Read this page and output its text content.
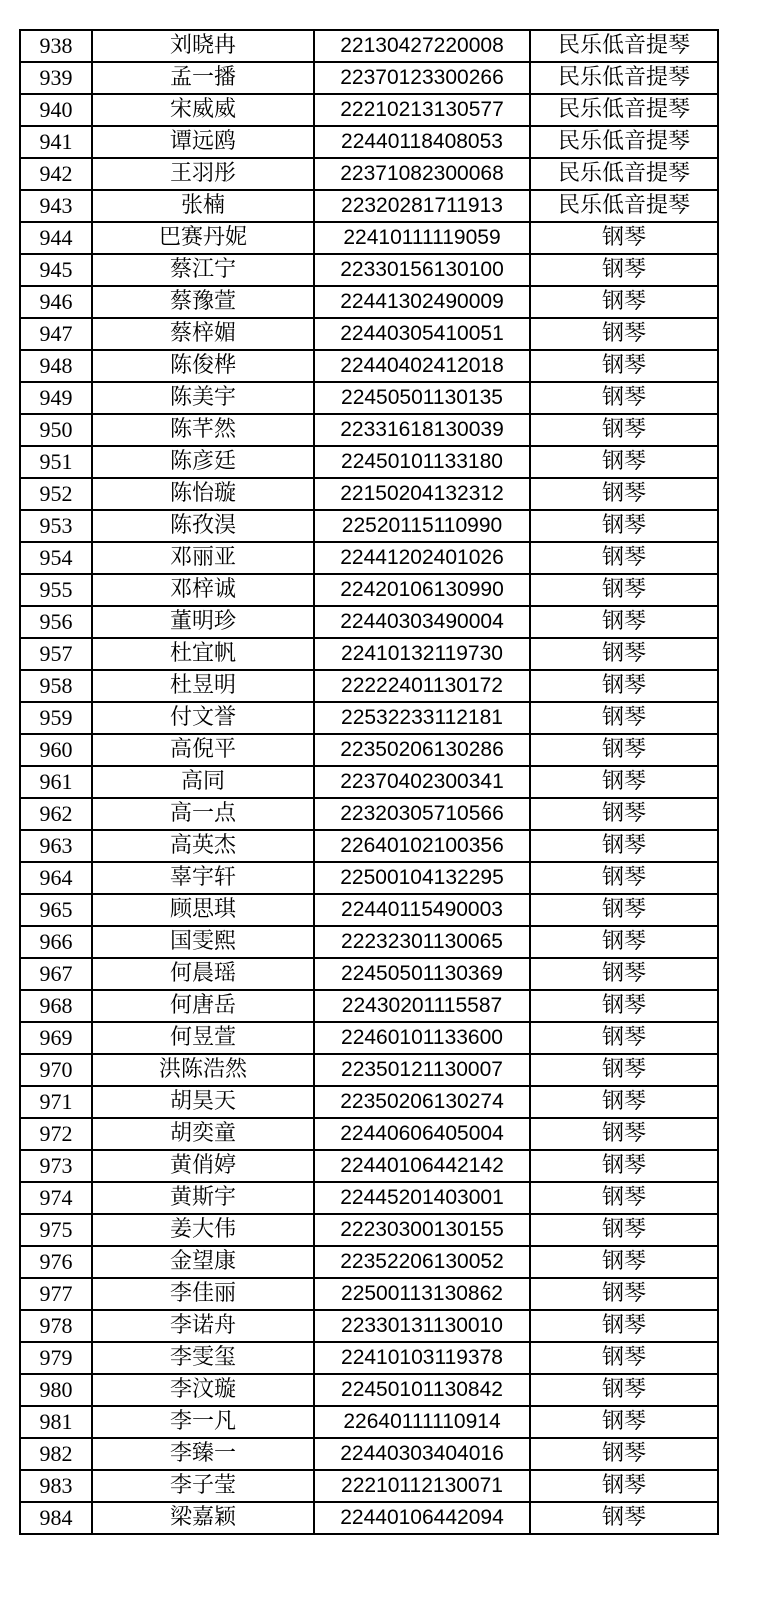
938	刘晓冉	22130427220008	民乐低音提琴
939	孟一播	22370123300266	民乐低音提琴
940	宋威威	22210213130577	民乐低音提琴
941	谭远鸥	22440118408053	民乐低音提琴
942	王羽彤	22371082300068	民乐低音提琴
943	张楠	22320281711913	民乐低音提琴
944	巴赛丹妮	22410111119059	钢琴
945	蔡江宁	22330156130100	钢琴
946	蔡豫萱	22441302490009	钢琴
947	蔡梓媚	22440305410051	钢琴
948	陈俊桦	22440402412018	钢琴
949	陈美宇	22450501130135	钢琴
950	陈芊然	22331618130039	钢琴
951	陈彦廷	22450101133180	钢琴
952	陈怡璇	22150204132312	钢琴
953	陈孜淏	22520115110990	钢琴
954	邓丽亚	22441202401026	钢琴
955	邓梓诚	22420106130990	钢琴
956	董明珍	22440303490004	钢琴
957	杜宜帆	22410132119730	钢琴
958	杜昱明	22222401130172	钢琴
959	付文誉	22532233112181	钢琴
960	高倪平	22350206130286	钢琴
961	高同	22370402300341	钢琴
962	高一点	22320305710566	钢琴
963	高英杰	22640102100356	钢琴
964	辜宇轩	22500104132295	钢琴
965	顾思琪	22440115490003	钢琴
966	国雯熙	22232301130065	钢琴
967	何晨瑶	22450501130369	钢琴
968	何唐岳	22430201115587	钢琴
969	何昱萱	22460101133600	钢琴
970	洪陈浩然	22350121130007	钢琴
971	胡昊天	22350206130274	钢琴
972	胡奕童	22440606405004	钢琴
973	黄俏婷	22440106442142	钢琴
974	黄斯宇	22445201403001	钢琴
975	姜大伟	22230300130155	钢琴
976	金望康	22352206130052	钢琴
977	李佳丽	22500113130862	钢琴
978	李诺舟	22330131130010	钢琴
979	李雯玺	22410103119378	钢琴
980	李汶璇	22450101130842	钢琴
981	李一凡	22640111110914	钢琴
982	李臻一	22440303404016	钢琴
983	李子莹	22210112130071	钢琴
984	梁嘉颖	22440106442094	钢琴
